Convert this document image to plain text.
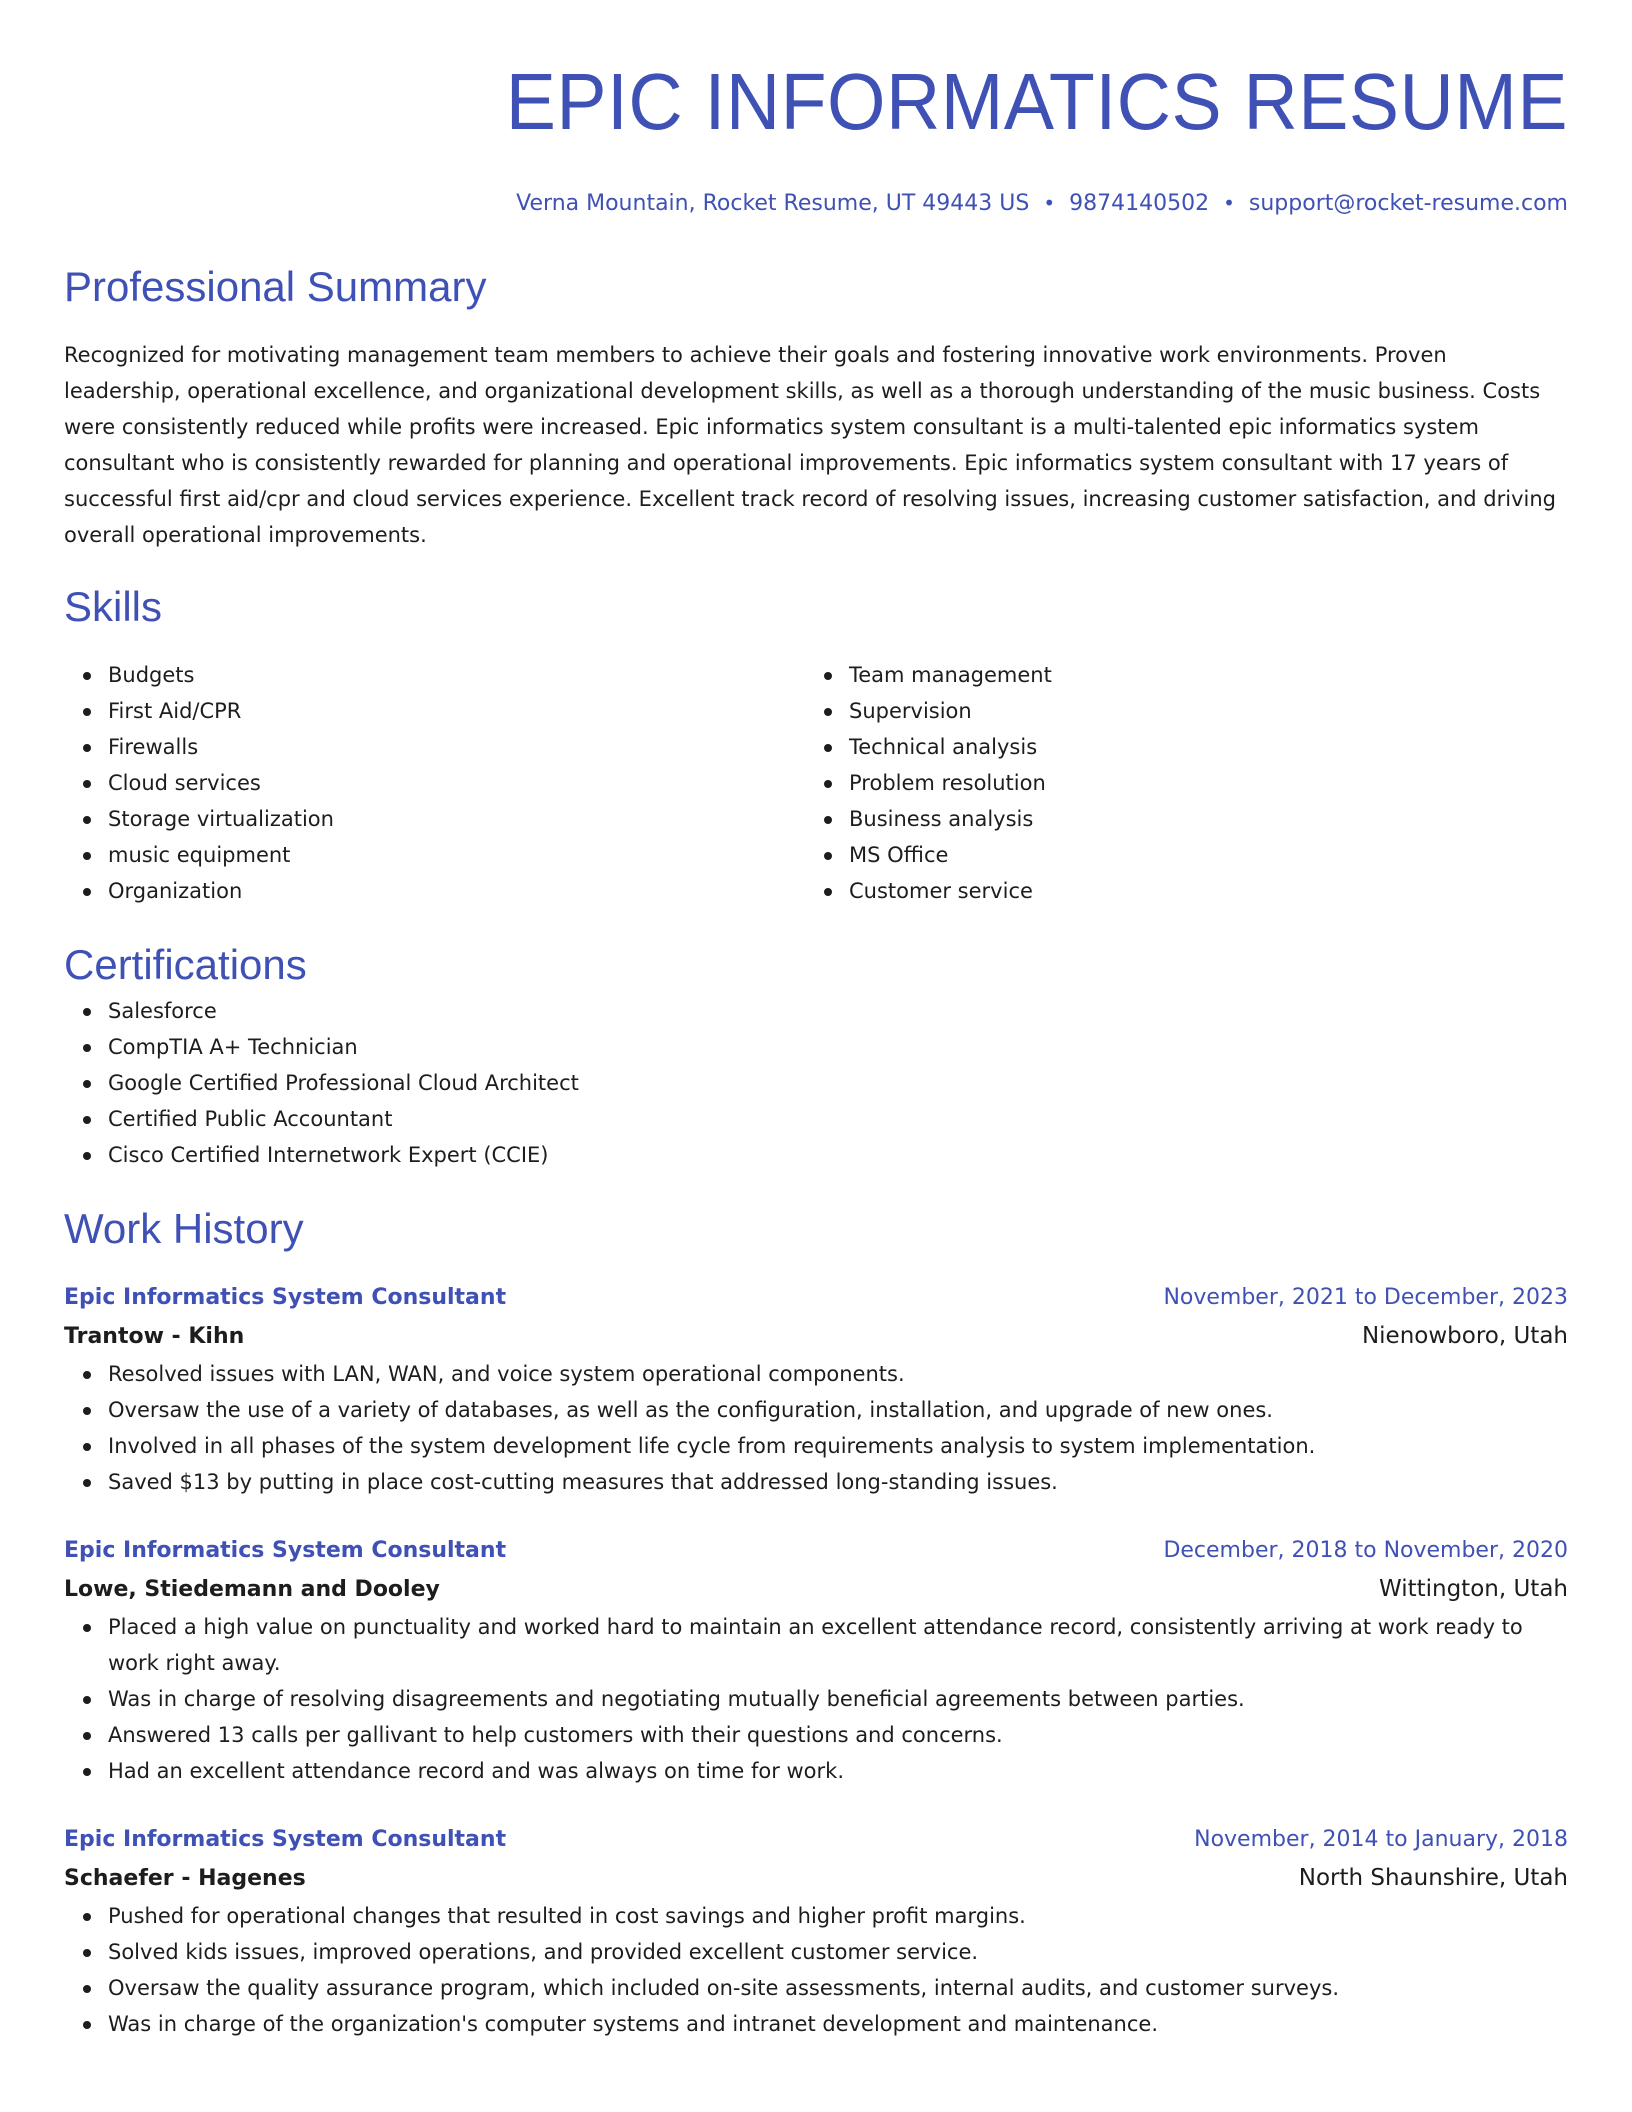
EPIC INFORMATICS RESUME
Verna Mountain, Rocket Resume, UT 49443 US • 9874140502 • support@rocket-resume.com
Professional Summary
Recognized for motivating management team members to achieve their goals and fostering innovative work environments. Proven leadership, operational excellence, and organizational development skills, as well as a thorough understanding of the music business. Costs were consistently reduced while profits were increased. Epic informatics system consultant is a multi-talented epic informatics system consultant who is consistently rewarded for planning and operational improvements. Epic informatics system consultant with 17 years of successful first aid/cpr and cloud services experience. Excellent track record of resolving issues, increasing customer satisfaction, and driving overall operational improvements.
Skills
Budgets
First Aid/CPR
Firewalls
Cloud services
Storage virtualization
music equipment
Organization
Team management
Supervision
Technical analysis
Problem resolution
Business analysis
MS Office
Customer service
Certifications
Salesforce
CompTIA A+ Technician
Google Certified Professional Cloud Architect
Certified Public Accountant
Cisco Certified Internetwork Expert (CCIE)
Work History
Epic Informatics System Consultant	November, 2021 to December, 2023
Trantow - Kihn	Nienowboro, Utah
Resolved issues with LAN, WAN, and voice system operational components.
Oversaw the use of a variety of databases, as well as the configuration, installation, and upgrade of new ones.
Involved in all phases of the system development life cycle from requirements analysis to system implementation.
Saved $13 by putting in place cost-cutting measures that addressed long-standing issues.
Epic Informatics System Consultant	December, 2018 to November, 2020
Lowe, Stiedemann and Dooley	Wittington, Utah
Placed a high value on punctuality and worked hard to maintain an excellent attendance record, consistently arriving at work ready to work right away.
Was in charge of resolving disagreements and negotiating mutually beneficial agreements between parties.
Answered 13 calls per gallivant to help customers with their questions and concerns.
Had an excellent attendance record and was always on time for work.
Epic Informatics System Consultant	November, 2014 to January, 2018
Schaefer - Hagenes	North Shaunshire, Utah
Pushed for operational changes that resulted in cost savings and higher profit margins.
Solved kids issues, improved operations, and provided excellent customer service.
Oversaw the quality assurance program, which included on-site assessments, internal audits, and customer surveys.
Was in charge of the organization's computer systems and intranet development and maintenance.
